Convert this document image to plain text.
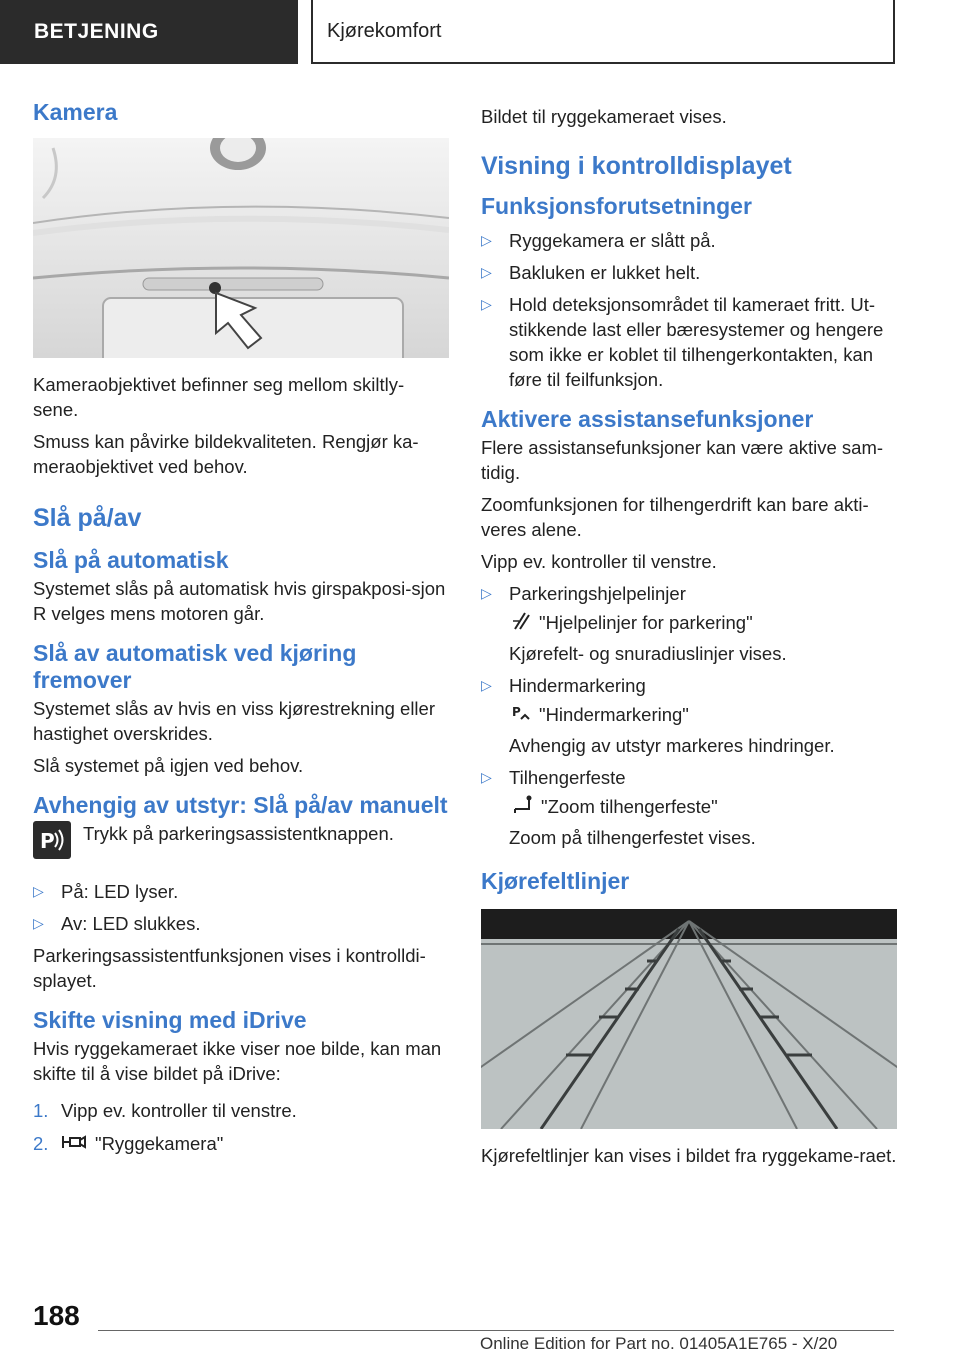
BETJENING	Kjørekomfort
Kamera

Kameraobjektivet befinner seg mellom skiltly-sene.

Smuss kan påvirke bildekvaliteten. Rengjør ka-meraobjektivet ved behov.

Slå på/av
Slå på automatisk

Systemet slås på automatisk hvis girspakposi-sjon R velges mens motoren går.

Slå av automatisk ved kjøring fremover

Systemet slås av hvis en viss kjørestrekning eller hastighet overskrides.

Slå systemet på igjen ved behov.

Avhengig av utstyr: Slå på/av manuelt
P Trykk på parkeringsassistentknappen.
▷ På: LED lyser.
▷ Av: LED slukkes.

Parkeringsassistentfunksjonen vises i kontrolldi-splayet.

Skifte visning med iDrive

Hvis ryggekameraet ikke viser noe bilde, kan man skifte til å vise bildet på iDrive:

1. Vipp ev. kontroller til venstre.
2.	"Ryggekamera"

Bildet til ryggekameraet vises.

Visning i kontrolldisplayet
Funksjonsforutsetninger
▷ Ryggekamera er slått på.
▷ Bakluken er lukket helt.
▷ Hold deteksjonsområdet til kameraet fritt. Ut-stikkende last eller bæresystemer og hengere som ikke er koblet til tilhengerkontakten, kan føre til feilfunksjon.
Aktivere assistansefunksjoner

Flere assistansefunksjoner kan være aktive sam-tidig.

Zoomfunksjonen for tilhengerdrift kan bare akti-veres alene.

Vipp ev. kontroller til venstre.

▷ Parkeringshjelpelinjer
"Hjelpelinjer for parkering"
Kjørefelt- og snuradiuslinjer vises.
▷ Hindermarkering
P "Hindermarkering"
Avhengig av utstyr markeres hindringer.
▷ Tilhengerfeste
"Zoom tilhengerfeste"
Zoom på tilhengerfestet vises.
Kjørefeltlinjer

Kjørefeltlinjer kan vises i bildet fra ryggekame-raet.

188
Online Edition for Part no. 01405A1E765 - X/20
